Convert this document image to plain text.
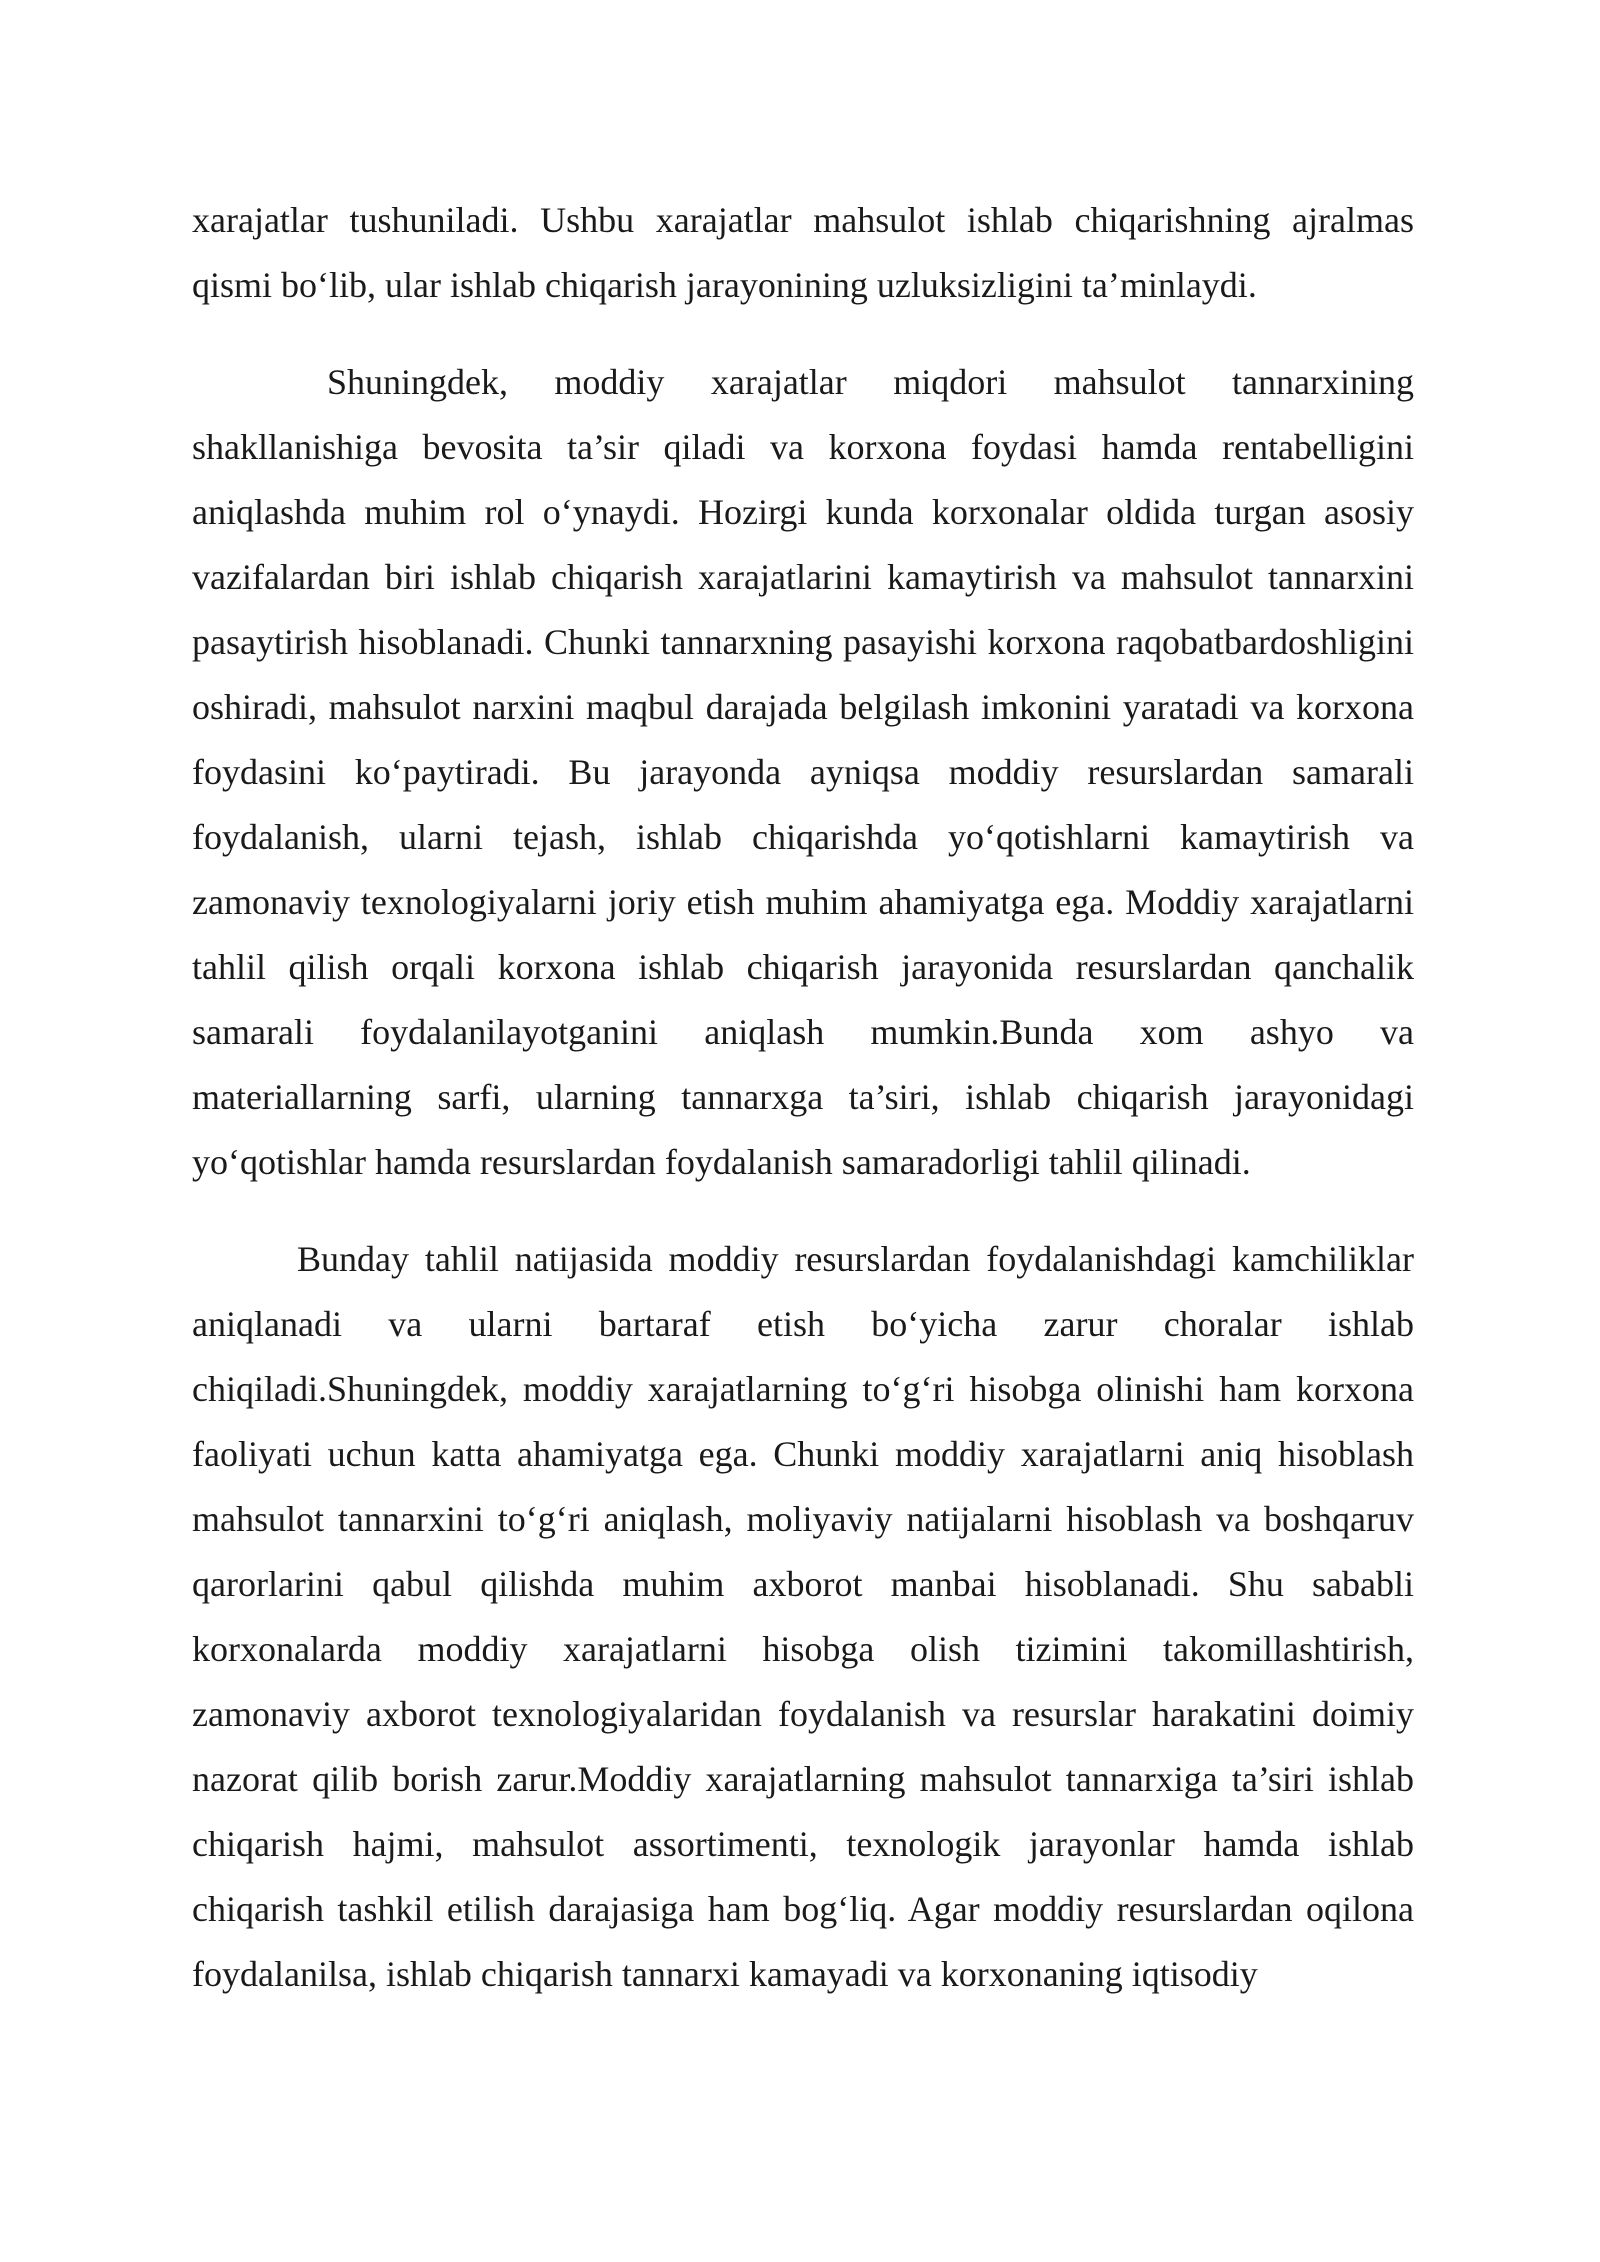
xarajatlar tushuniladi. Ushbu xarajatlar mahsulot ishlab chiqarishning ajralmas qismi bo‘lib, ular ishlab chiqarish jarayonining uzluksizligini ta’minlaydi.

Shuningdek, moddiy xarajatlar miqdori mahsulot tannarxining shakllanishiga bevosita ta’sir qiladi va korxona foydasi hamda rentabelligini aniqlashda muhim rol o‘ynaydi. Hozirgi kunda korxonalar oldida turgan asosiy vazifalardan biri ishlab chiqarish xarajatlarini kamaytirish va mahsulot tannarxini pasaytirish hisoblanadi. Chunki tannarxning pasayishi korxona raqobatbardoshligini oshiradi, mahsulot narxini maqbul darajada belgilash imkonini yaratadi va korxona foydasini ko‘paytiradi. Bu jarayonda ayniqsa moddiy resurslardan samarali foydalanish, ularni tejash, ishlab chiqarishda yo‘qotishlarni kamaytirish va zamonaviy texnologiyalarni joriy etish muhim ahamiyatga ega. Moddiy xarajatlarni tahlil qilish orqali korxona ishlab chiqarish jarayonida resurslardan qanchalik samarali foydalanilayotganini aniqlash mumkin.Bunda xom ashyo va materiallarning sarfi, ularning tannarxga ta’siri, ishlab chiqarish jarayonidagi yo‘qotishlar hamda resurslardan foydalanish samaradorligi tahlil qilinadi.

Bunday tahlil natijasida moddiy resurslardan foydalanishdagi kamchiliklar aniqlanadi va ularni bartaraf etish bo‘yicha zarur choralar ishlab chiqiladi.Shuningdek, moddiy xarajatlarning to‘g‘ri hisobga olinishi ham korxona faoliyati uchun katta ahamiyatga ega. Chunki moddiy xarajatlarni aniq hisoblash mahsulot tannarxini to‘g‘ri aniqlash, moliyaviy natijalarni hisoblash va boshqaruv qarorlarini qabul qilishda muhim axborot manbai hisoblanadi. Shu sababli korxonalarda moddiy xarajatlarni hisobga olish tizimini takomillashtirish, zamonaviy axborot texnologiyalaridan foydalanish va resurslar harakatini doimiy nazorat qilib borish zarur.Moddiy xarajatlarning mahsulot tannarxiga ta’siri ishlab chiqarish hajmi, mahsulot assortimenti, texnologik jarayonlar hamda ishlab chiqarish tashkil etilish darajasiga ham bog‘liq. Agar moddiy resurslardan oqilona foydalanilsa, ishlab chiqarish tannarxi kamayadi va korxonaning iqtisodiy
